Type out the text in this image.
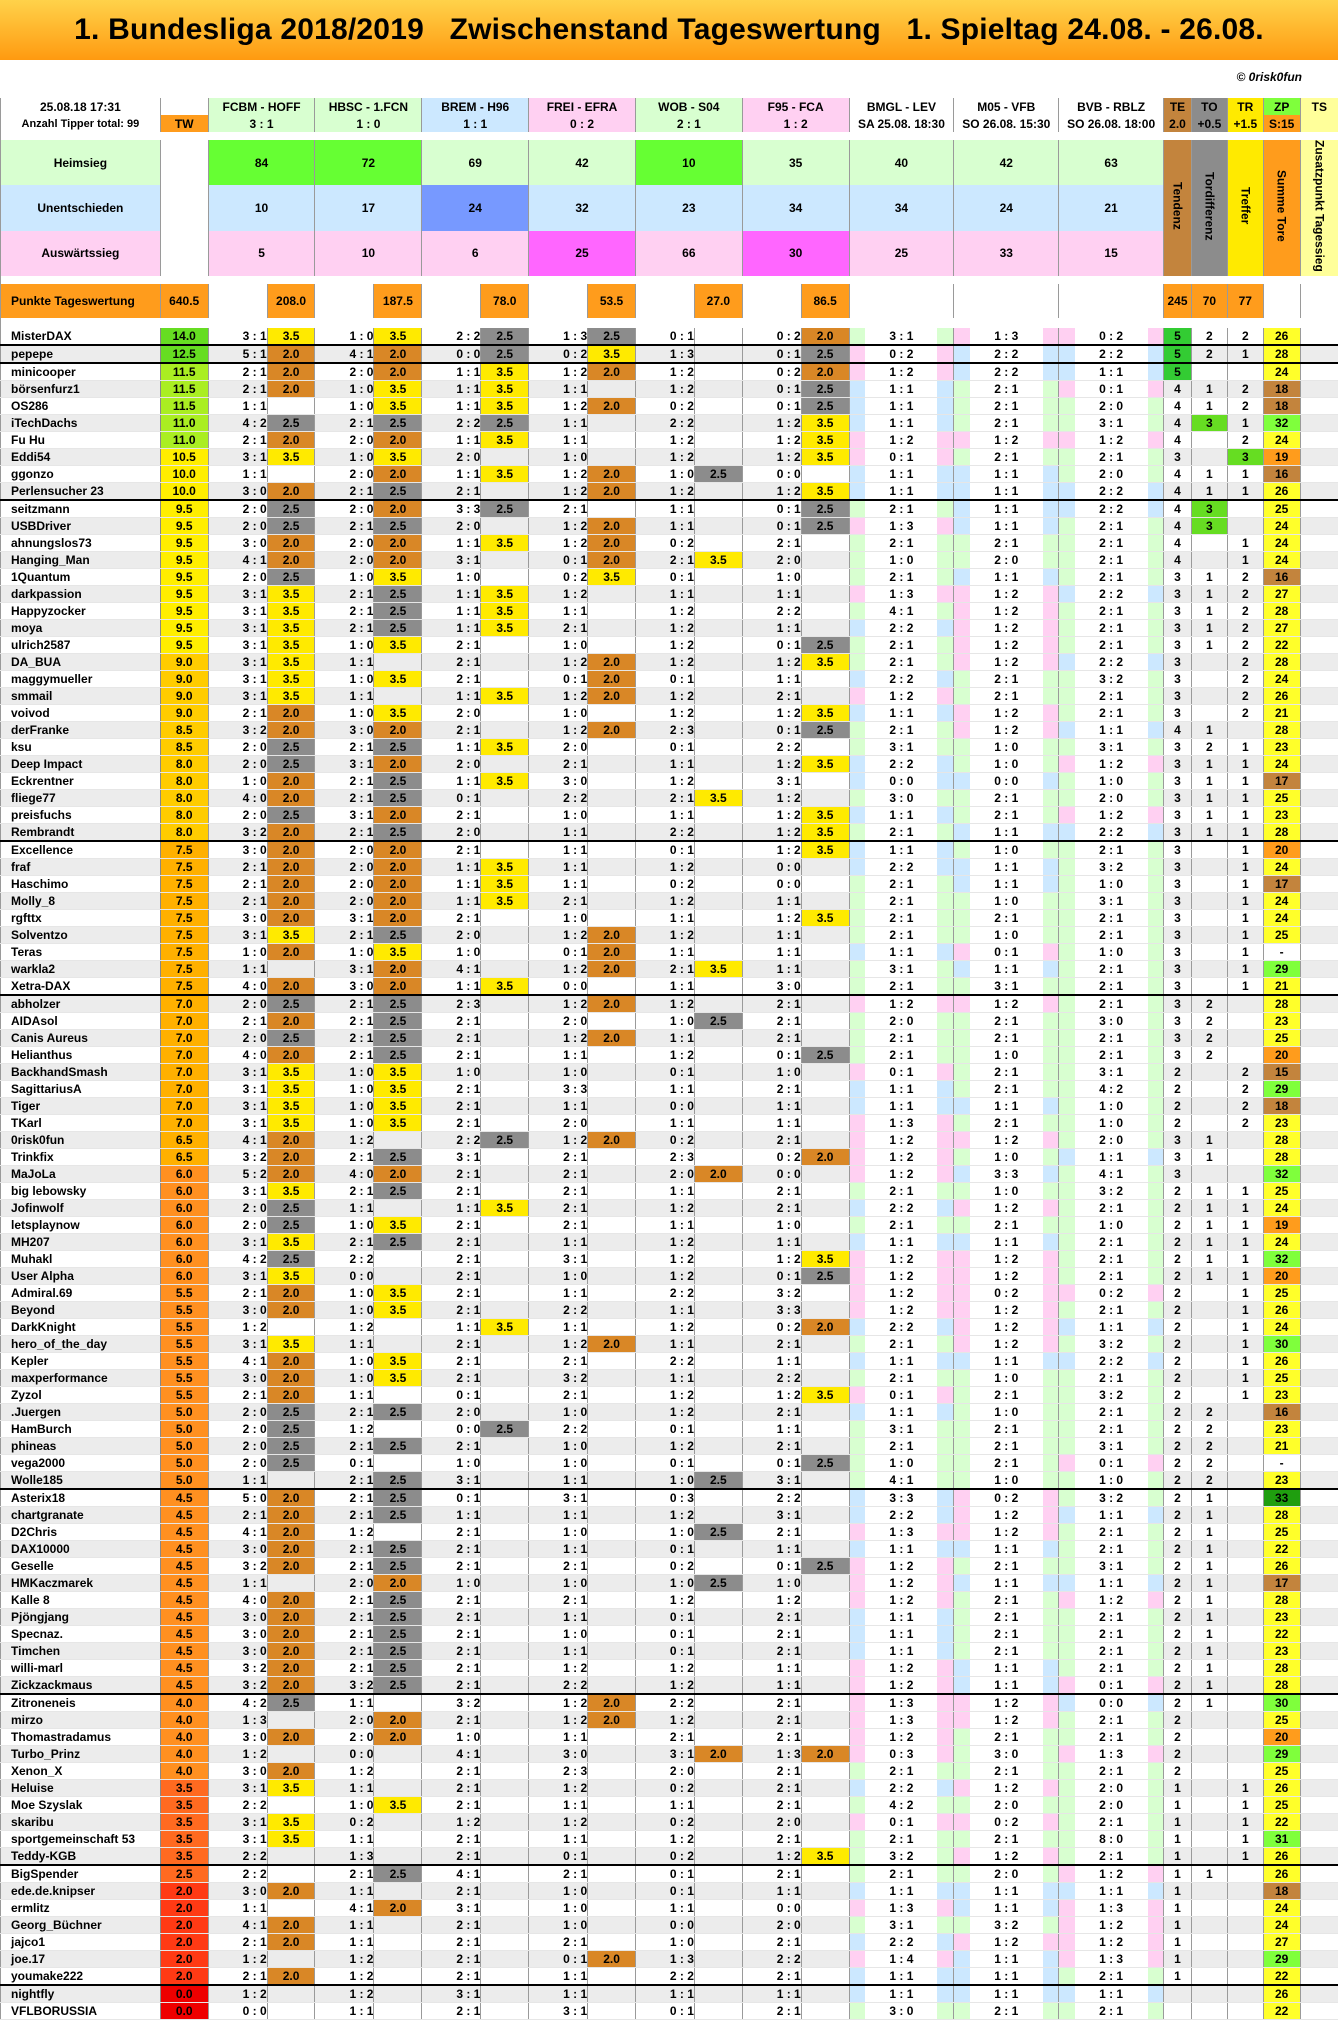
1. Bundesliga 2018/2019   Zwischenstand Tageswertung   1. Spieltag 24.08. - 26.08.
© 0risk0fun
25.08.18 17:31		FCBM - HOFF		HBSC - 1.FCN		BREM - H96		FREI - EFRA		WOB - S04		F95 - FCA		BMGL - LEV	M05 - VFB	BVB - RBLZ	TE	TO	TR	ZP	TS
Anzahl Tipper total: 99	TW	3 : 1		1 : 0		1 : 1		0 : 2		2 : 1		1 : 2		SA 25.08. 18:30	SO 26.08. 15:30	SO 26.08. 18:00	2.0	+0.5	+1.5	S:15	

Heimsieg		84		72		69		42		10		35		40	42	63	Tendenz	Tordifferenz	Treffer	Summe Tore	Zusatzpunkt Tagessieg
Unentschieden		10		17		24		32		23		34		34	24	21					
Auswärtssieg		5		10		6		25		66		30		25	33	15					

Punkte Tageswertung	640.5		208.0		187.5		78.0		53.5		27.0		86.5				245	70	77		

MisterDAX	14.0	3 : 1	3.5	1 : 0	3.5	2 : 2	2.5	1 : 3	2.5	0 : 1		0 : 2	2.0	3 : 1	1 : 3	0 : 2	5	2	2	26	
pepepe	12.5	5 : 1	2.0	4 : 1	2.0	0 : 0	2.5	0 : 2	3.5	1 : 3		0 : 1	2.5	0 : 2	2 : 2	2 : 2	5	2	1	28	
minicooper	11.5	2 : 1	2.0	2 : 0	2.0	1 : 1	3.5	1 : 2	2.0	1 : 2		0 : 2	2.0	1 : 2	2 : 2	1 : 1	5			24	
börsenfurz1	11.5	2 : 1	2.0	1 : 0	3.5	1 : 1	3.5	1 : 1		1 : 2		0 : 1	2.5	1 : 1	2 : 1	0 : 1	4	1	2	18	
OS286	11.5	1 : 1		1 : 0	3.5	1 : 1	3.5	1 : 2	2.0	0 : 2		0 : 1	2.5	1 : 1	2 : 1	2 : 0	4	1	2	18	
iTechDachs	11.0	4 : 2	2.5	2 : 1	2.5	2 : 2	2.5	1 : 1		2 : 2		1 : 2	3.5	1 : 1	2 : 1	3 : 1	4	3	1	32	
Fu Hu	11.0	2 : 1	2.0	2 : 0	2.0	1 : 1	3.5	1 : 1		1 : 2		1 : 2	3.5	1 : 2	1 : 2	1 : 2	4		2	24	
Eddi54	10.5	3 : 1	3.5	1 : 0	3.5	2 : 0		1 : 0		1 : 2		1 : 2	3.5	0 : 1	2 : 1	2 : 1	3		3	19	
ggonzo	10.0	1 : 1		2 : 0	2.0	1 : 1	3.5	1 : 2	2.0	1 : 0	2.5	0 : 0		1 : 1	1 : 1	2 : 0	4	1	1	16	
Perlensucher 23	10.0	3 : 0	2.0	2 : 1	2.5	2 : 1		1 : 2	2.0	1 : 2		1 : 2	3.5	1 : 1	1 : 1	2 : 2	4	1	1	26	
seitzmann	9.5	2 : 0	2.5	2 : 0	2.0	3 : 3	2.5	2 : 1		1 : 1		0 : 1	2.5	2 : 1	1 : 1	2 : 2	4	3		25	
USBDriver	9.5	2 : 0	2.5	2 : 1	2.5	2 : 0		1 : 2	2.0	1 : 1		0 : 1	2.5	1 : 3	1 : 1	2 : 1	4	3		24	
ahnungslos73	9.5	3 : 0	2.0	2 : 0	2.0	1 : 1	3.5	1 : 2	2.0	0 : 2		2 : 1		2 : 1	2 : 1	2 : 1	4		1	24	
Hanging_Man	9.5	4 : 1	2.0	2 : 0	2.0	3 : 1		0 : 1	2.0	2 : 1	3.5	2 : 0		1 : 0	2 : 0	2 : 1	4		1	24	
1Quantum	9.5	2 : 0	2.5	1 : 0	3.5	1 : 0		0 : 2	3.5	0 : 1		1 : 0		2 : 1	1 : 1	2 : 1	3	1	2	16	
darkpassion	9.5	3 : 1	3.5	2 : 1	2.5	1 : 1	3.5	1 : 2		1 : 1		1 : 1		1 : 3	1 : 2	2 : 2	3	1	2	27	
Happyzocker	9.5	3 : 1	3.5	2 : 1	2.5	1 : 1	3.5	1 : 1		1 : 2		2 : 2		4 : 1	1 : 2	2 : 1	3	1	2	28	
moya	9.5	3 : 1	3.5	2 : 1	2.5	1 : 1	3.5	2 : 1		1 : 2		1 : 1		2 : 2	1 : 2	2 : 1	3	1	2	27	
ulrich2587	9.5	3 : 1	3.5	1 : 0	3.5	2 : 1		1 : 0		1 : 2		0 : 1	2.5	2 : 1	1 : 2	2 : 1	3	1	2	22	
DA_BUA	9.0	3 : 1	3.5	1 : 1		2 : 1		1 : 2	2.0	1 : 2		1 : 2	3.5	2 : 1	1 : 2	2 : 2	3		2	28	
maggymueller	9.0	3 : 1	3.5	1 : 0	3.5	2 : 1		0 : 1	2.0	0 : 1		1 : 1		2 : 2	2 : 1	3 : 2	3		2	24	
smmail	9.0	3 : 1	3.5	1 : 1		1 : 1	3.5	1 : 2	2.0	1 : 2		2 : 1		1 : 2	2 : 1	2 : 1	3		2	26	
voivod	9.0	2 : 1	2.0	1 : 0	3.5	2 : 0		1 : 0		1 : 2		1 : 2	3.5	1 : 1	1 : 2	2 : 1	3		2	21	
derFranke	8.5	3 : 2	2.0	3 : 0	2.0	2 : 1		1 : 2	2.0	2 : 3		0 : 1	2.5	2 : 1	1 : 2	1 : 1	4	1		28	
ksu	8.5	2 : 0	2.5	2 : 1	2.5	1 : 1	3.5	2 : 0		0 : 1		2 : 2		3 : 1	1 : 0	3 : 1	3	2	1	23	
Deep Impact	8.0	2 : 0	2.5	3 : 1	2.0	2 : 0		2 : 1		1 : 1		1 : 2	3.5	2 : 2	1 : 0	1 : 2	3	1	1	24	
Eckrentner	8.0	1 : 0	2.0	2 : 1	2.5	1 : 1	3.5	3 : 0		1 : 2		3 : 1		0 : 0	0 : 0	1 : 0	3	1	1	17	
fliege77	8.0	4 : 0	2.0	2 : 1	2.5	0 : 1		2 : 2		2 : 1	3.5	1 : 2		3 : 0	2 : 1	2 : 0	3	1	1	25	
preisfuchs	8.0	2 : 0	2.5	3 : 1	2.0	2 : 1		1 : 0		1 : 1		1 : 2	3.5	1 : 1	2 : 1	1 : 2	3	1	1	23	
Rembrandt	8.0	3 : 2	2.0	2 : 1	2.5	2 : 0		1 : 1		2 : 2		1 : 2	3.5	2 : 1	1 : 1	2 : 2	3	1	1	28	
Excellence	7.5	3 : 0	2.0	2 : 0	2.0	2 : 1		1 : 1		0 : 1		1 : 2	3.5	1 : 1	1 : 0	2 : 1	3		1	20	
fraf	7.5	2 : 1	2.0	2 : 0	2.0	1 : 1	3.5	1 : 1		1 : 2		0 : 0		2 : 2	1 : 1	3 : 2	3		1	24	
Haschimo	7.5	2 : 1	2.0	2 : 0	2.0	1 : 1	3.5	1 : 1		0 : 2		0 : 0		2 : 1	1 : 1	1 : 0	3		1	17	
Molly_8	7.5	2 : 1	2.0	2 : 0	2.0	1 : 1	3.5	2 : 1		1 : 2		1 : 1		2 : 1	1 : 0	3 : 1	3		1	24	
rgfttx	7.5	3 : 0	2.0	3 : 1	2.0	2 : 1		1 : 0		1 : 1		1 : 2	3.5	2 : 1	2 : 1	2 : 1	3		1	24	
Solventzo	7.5	3 : 1	3.5	2 : 1	2.5	2 : 0		1 : 2	2.0	1 : 2		1 : 1		2 : 1	1 : 0	2 : 1	3		1	25	
Teras	7.5	1 : 0	2.0	1 : 0	3.5	1 : 0		0 : 1	2.0	1 : 1		1 : 1		1 : 1	0 : 1	1 : 0	3		1	-	
warkla2	7.5	1 : 1		3 : 1	2.0	4 : 1		1 : 2	2.0	2 : 1	3.5	1 : 1		3 : 1	1 : 1	2 : 1	3		1	29	
Xetra-DAX	7.5	4 : 0	2.0	3 : 0	2.0	1 : 1	3.5	0 : 0		1 : 1		3 : 0		2 : 1	3 : 1	2 : 1	3		1	21	
abholzer	7.0	2 : 0	2.5	2 : 1	2.5	2 : 3		1 : 2	2.0	1 : 2		2 : 1		1 : 2	1 : 2	2 : 1	3	2		28	
AIDAsol	7.0	2 : 1	2.0	2 : 1	2.5	2 : 1		2 : 0		1 : 0	2.5	2 : 1		2 : 0	2 : 1	3 : 0	3	2		23	
Canis Aureus	7.0	2 : 0	2.5	2 : 1	2.5	2 : 1		1 : 2	2.0	1 : 1		2 : 1		2 : 1	2 : 1	2 : 1	3	2		25	
Helianthus	7.0	4 : 0	2.0	2 : 1	2.5	2 : 1		1 : 1		1 : 2		0 : 1	2.5	2 : 1	1 : 0	2 : 1	3	2		20	
BackhandSmash	7.0	3 : 1	3.5	1 : 0	3.5	1 : 0		1 : 0		0 : 1		1 : 0		0 : 1	2 : 1	3 : 1	2		2	15	
SagittariusA	7.0	3 : 1	3.5	1 : 0	3.5	2 : 1		3 : 3		1 : 1		2 : 1		1 : 1	2 : 1	4 : 2	2		2	29	
Tiger	7.0	3 : 1	3.5	1 : 0	3.5	2 : 1		1 : 1		0 : 0		1 : 1		1 : 1	1 : 1	1 : 0	2		2	18	
TKarl	7.0	3 : 1	3.5	1 : 0	3.5	2 : 1		2 : 0		1 : 1		1 : 1		1 : 3	2 : 1	1 : 0	2		2	23	
0risk0fun	6.5	4 : 1	2.0	1 : 2		2 : 2	2.5	1 : 2	2.0	0 : 2		2 : 1		1 : 2	1 : 2	2 : 0	3	1		28	
Trinkfix	6.5	3 : 2	2.0	2 : 1	2.5	3 : 1		2 : 1		2 : 3		0 : 2	2.0	1 : 2	1 : 0	1 : 1	3	1		28	
MaJoLa	6.0	5 : 2	2.0	4 : 0	2.0	2 : 1		2 : 1		2 : 0	2.0	0 : 0		1 : 2	3 : 3	4 : 1	3			32	
big lebowsky	6.0	3 : 1	3.5	2 : 1	2.5	2 : 1		2 : 1		1 : 1		2 : 1		2 : 1	1 : 0	3 : 2	2	1	1	25	
Jofinwolf	6.0	2 : 0	2.5	1 : 1		1 : 1	3.5	2 : 1		1 : 2		2 : 1		2 : 2	1 : 2	2 : 1	2	1	1	24	
letsplaynow	6.0	2 : 0	2.5	1 : 0	3.5	2 : 1		2 : 1		1 : 1		1 : 0		2 : 1	2 : 1	1 : 0	2	1	1	19	
MH207	6.0	3 : 1	3.5	2 : 1	2.5	2 : 1		1 : 1		1 : 2		1 : 1		1 : 1	1 : 1	2 : 1	2	1	1	24	
Muhakl	6.0	4 : 2	2.5	2 : 2		2 : 1		3 : 1		1 : 2		1 : 2	3.5	1 : 2	1 : 2	2 : 1	2	1	1	32	
User Alpha	6.0	3 : 1	3.5	0 : 0		2 : 1		1 : 0		1 : 2		0 : 1	2.5	1 : 2	1 : 2	2 : 1	2	1	1	20	
Admiral.69	5.5	2 : 1	2.0	1 : 0	3.5	2 : 1		1 : 1		2 : 2		3 : 2		1 : 2	0 : 2	0 : 2	2		1	25	
Beyond	5.5	3 : 0	2.0	1 : 0	3.5	2 : 1		2 : 2		1 : 1		3 : 3		1 : 2	1 : 2	2 : 1	2		1	26	
DarkKnight	5.5	1 : 2		1 : 2		1 : 1	3.5	1 : 1		1 : 2		0 : 2	2.0	2 : 2	1 : 2	1 : 1	2		1	24	
hero_of_the_day	5.5	3 : 1	3.5	1 : 1		2 : 1		1 : 2	2.0	1 : 1		2 : 1		2 : 1	1 : 2	3 : 2	2		1	30	
Kepler	5.5	4 : 1	2.0	1 : 0	3.5	2 : 1		2 : 1		2 : 2		1 : 1		1 : 1	1 : 1	2 : 2	2		1	26	
maxperformance	5.5	3 : 0	2.0	1 : 0	3.5	2 : 1		3 : 2		1 : 1		2 : 2		2 : 1	1 : 0	2 : 1	2		1	25	
Zyzol	5.5	2 : 1	2.0	1 : 1		0 : 1		2 : 1		1 : 2		1 : 2	3.5	0 : 1	2 : 1	3 : 2	2		1	23	
.Juergen	5.0	2 : 0	2.5	2 : 1	2.5	2 : 0		1 : 0		1 : 2		2 : 1		1 : 1	1 : 0	2 : 1	2	2		16	
HamBurch	5.0	2 : 0	2.5	1 : 2		0 : 0	2.5	2 : 2		0 : 1		1 : 1		3 : 1	2 : 1	2 : 1	2	2		23	
phineas	5.0	2 : 0	2.5	2 : 1	2.5	2 : 1		1 : 0		1 : 2		2 : 1		2 : 1	2 : 1	3 : 1	2	2		21	
vega2000	5.0	2 : 0	2.5	0 : 1		1 : 0		1 : 0		0 : 1		0 : 1	2.5	1 : 0	2 : 1	0 : 1	2	2		-	
Wolle185	5.0	1 : 1		2 : 1	2.5	3 : 1		1 : 1		1 : 0	2.5	3 : 1		4 : 1	1 : 0	1 : 0	2	2		23	
Asterix18	4.5	5 : 0	2.0	2 : 1	2.5	0 : 1		3 : 1		0 : 3		2 : 2		3 : 3	0 : 2	3 : 2	2	1		33	
chartgranate	4.5	2 : 1	2.0	2 : 1	2.5	1 : 1		1 : 1		1 : 2		3 : 1		2 : 2	1 : 2	1 : 1	2	1		28	
D2Chris	4.5	4 : 1	2.0	1 : 2		2 : 1		1 : 0		1 : 0	2.5	2 : 1		1 : 3	1 : 2	2 : 1	2	1		25	
DAX10000	4.5	3 : 0	2.0	2 : 1	2.5	2 : 1		1 : 1		0 : 1		1 : 1		1 : 1	1 : 1	2 : 1	2	1		22	
Geselle	4.5	3 : 2	2.0	2 : 1	2.5	2 : 1		2 : 1		0 : 2		0 : 1	2.5	1 : 2	2 : 1	3 : 1	2	1		26	
HMKaczmarek	4.5	1 : 1		2 : 0	2.0	1 : 0		1 : 0		1 : 0	2.5	1 : 0		1 : 2	1 : 1	1 : 1	2	1		17	
Kalle 8	4.5	4 : 0	2.0	2 : 1	2.5	2 : 1		2 : 1		1 : 2		1 : 2		1 : 2	2 : 1	1 : 2	2	1		28	
Pjöngjang	4.5	3 : 0	2.0	2 : 1	2.5	2 : 1		1 : 1		0 : 1		2 : 1		1 : 1	2 : 1	2 : 1	2	1		23	
Specnaz.	4.5	3 : 0	2.0	2 : 1	2.5	2 : 1		1 : 0		0 : 1		2 : 1		1 : 1	2 : 1	2 : 1	2	1		22	
Timchen	4.5	3 : 0	2.0	2 : 1	2.5	2 : 1		1 : 1		0 : 1		2 : 1		1 : 1	2 : 1	2 : 1	2	1		23	
willi-marl	4.5	3 : 2	2.0	2 : 1	2.5	2 : 1		1 : 2		1 : 2		1 : 1		1 : 2	1 : 1	2 : 1	2	1		28	
Zickzackmaus	4.5	3 : 2	2.0	3 : 2	2.5	2 : 1		2 : 2		1 : 2		1 : 1		1 : 2	1 : 1	0 : 1	2	1		28	
Zitroneneis	4.0	4 : 2	2.5	1 : 1		3 : 2		1 : 2	2.0	2 : 2		2 : 1		1 : 3	1 : 2	0 : 0	2	1		30	
mirzo	4.0	1 : 3		2 : 0	2.0	2 : 1		1 : 2	2.0	1 : 2		2 : 1		1 : 3	1 : 2	2 : 1	2			25	
Thomastradamus	4.0	3 : 0	2.0	2 : 0	2.0	1 : 0		1 : 1		2 : 1		2 : 1		1 : 2	2 : 1	2 : 1	2			20	
Turbo_Prinz	4.0	1 : 2		0 : 0		4 : 1		3 : 0		3 : 1	2.0	1 : 3	2.0	0 : 3	3 : 0	1 : 3	2			29	
Xenon_X	4.0	3 : 0	2.0	1 : 2		2 : 1		2 : 3		2 : 0		2 : 1		2 : 1	2 : 1	2 : 1	2			25	
Heluise	3.5	3 : 1	3.5	1 : 1		2 : 1		1 : 2		0 : 2		2 : 1		2 : 2	1 : 2	2 : 0	1		1	26	
Moe Szyslak	3.5	2 : 2		1 : 0	3.5	2 : 1		1 : 1		1 : 1		2 : 1		4 : 2	2 : 0	2 : 0	1		1	25	
skaribu	3.5	3 : 1	3.5	0 : 2		1 : 2		1 : 2		0 : 2		2 : 0		0 : 1	0 : 2	2 : 1	1		1	22	
sportgemeinschaft 53	3.5	3 : 1	3.5	1 : 1		2 : 1		1 : 1		1 : 2		2 : 1		2 : 1	2 : 1	8 : 0	1		1	31	
Teddy-KGB	3.5	2 : 2		1 : 3		2 : 1		0 : 1		0 : 2		1 : 2	3.5	3 : 2	1 : 2	2 : 1	1		1	26	
BigSpender	2.5	2 : 2		2 : 1	2.5	4 : 1		2 : 1		0 : 1		2 : 1		2 : 1	2 : 0	1 : 2	1	1		26	
ede.de.knipser	2.0	3 : 0	2.0	1 : 1		2 : 1		1 : 0		0 : 1		1 : 1		1 : 1	1 : 1	1 : 1	1			18	
ermlitz	2.0	1 : 1		4 : 1	2.0	3 : 1		1 : 0		1 : 1		0 : 0		1 : 3	1 : 1	1 : 3	1			24	
Georg_Büchner	2.0	4 : 1	2.0	1 : 1		2 : 1		1 : 0		0 : 0		2 : 0		3 : 1	3 : 2	1 : 2	1			24	
jajco1	2.0	2 : 1	2.0	1 : 1		2 : 1		2 : 1		1 : 0		2 : 1		2 : 2	1 : 2	1 : 2	1			27	
joe.17	2.0	1 : 2		1 : 2		2 : 1		0 : 1	2.0	1 : 3		2 : 2		1 : 4	1 : 1	1 : 3	1			29	
youmake222	2.0	2 : 1	2.0	1 : 2		2 : 1		1 : 1		2 : 2		2 : 1		1 : 1	1 : 1	2 : 1	1			22	
nightfly	0.0	1 : 2		1 : 2		3 : 1		1 : 1		1 : 1		1 : 1		1 : 1	1 : 1	1 : 1				26	
VFLBORUSSIA	0.0	0 : 0		1 : 1		2 : 1		3 : 1		0 : 1		2 : 1		3 : 0	2 : 1	2 : 1				22	
